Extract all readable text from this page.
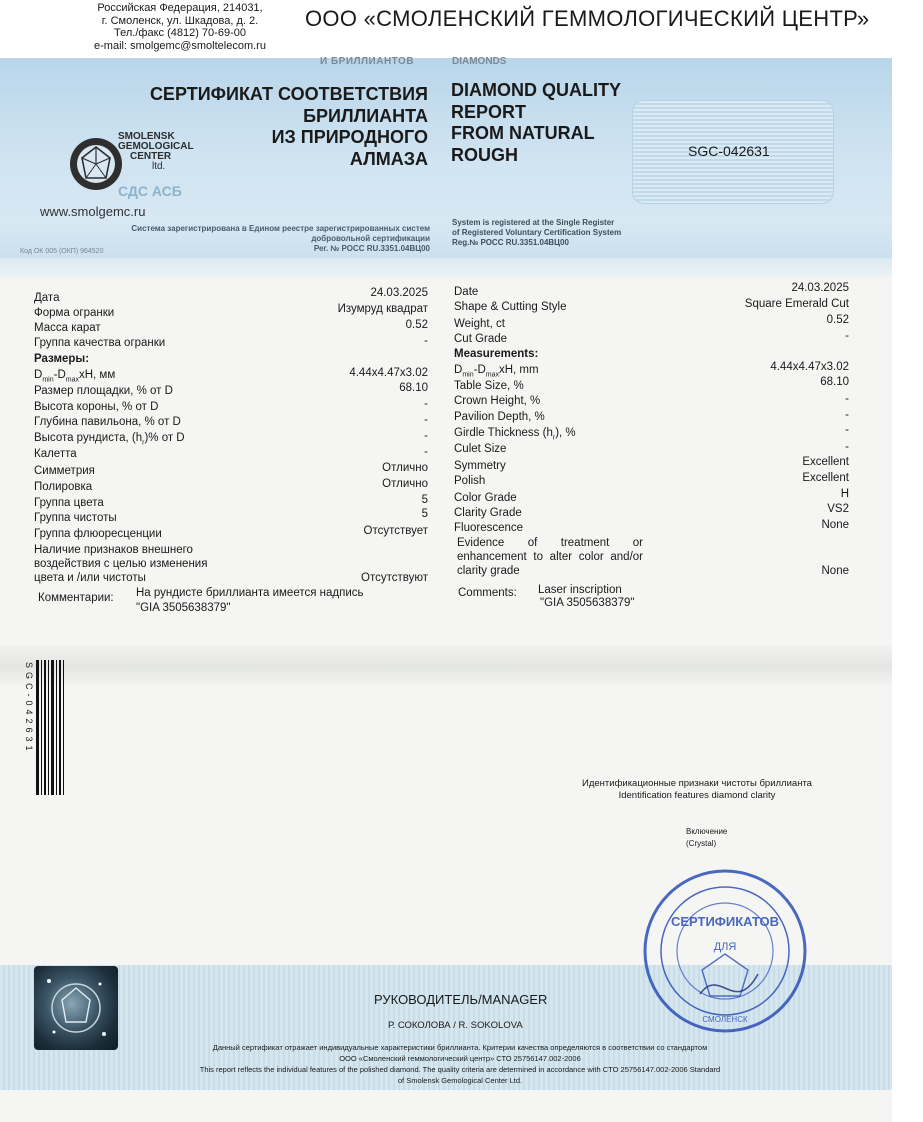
Российская Федерация, 214031,
г. Смоленск, ул. Шкадова, д. 2.
Тел./факс (4812) 70-69-00
e-mail: smolgemc@smoltelecom.ru
ООО «СМОЛЕНСКИЙ ГЕММОЛОГИЧЕСКИЙ ЦЕНТР»
И БРИЛЛИАНТОВ	DIAMONDS
СЕРТИФИКАТ СООТВЕТСТВИЯ
БРИЛЛИАНТА
ИЗ ПРИРОДНОГО
АЛМАЗА
DIAMOND QUALITY
REPORT
FROM NATURAL
ROUGH	SGC-042631
SMOLENSK
GEMOLOGICAL
CENTER
ltd.
СДС АСБ
www.smolgemc.ru
Система зарегистрирована в Едином реестре зарегистрированных систем
добровольной сертификации
Рег. № РОСС RU.3351.04ВЦ00
System is registered at the Single Register
of Registered Voluntary Certification System
Reg.№ РОСС RU.3351.04ВЦ00
Код ОК 005 (ОКП) 964520
Дата	24.03.2025
Форма огранки	Изумруд квадрат
Масса карат	0.52
Группа качества огранки	-
Размеры:
$D_{min}-D_{max}xH$, мм	4.44x4.47x3.02
Размер площадки, % от D	68.10
Высота короны, % от D	-
Глубина павильона, % от D	-
Высота рундиста, $(h_r)\%$ от D	-
Калетта	-
Симметрия	Отлично
Полировка	Отлично
Группа цвета	5
Группа чистоты	5
Группа флюоресценции	Отсутствует
Наличие признаков внешнего воздействия с целью изменения цвета и /или чистоты	Отсутствуют
Комментарии: На рундисте бриллианта имеется надпись
"GIA 3505638379"
Date	24.03.2025
Shape & Cutting Style	Square Emerald Cut
Weight, ct	0.52
Cut Grade	-
Measurements:
$D_{min}-D_{max}xH$, mm	4.44x4.47x3.02
Table Size, %	68.10
Crown Height, %	-
Pavilion Depth, %	-
Girdle Thickness $(h_r)$, %	-
Culet Size	-
Symmetry	Excellent
Polish	Excellent
Color Grade	H
Clarity Grade	VS2
Fluorescence	None
Evidence of treatment or enhancement to alter color and/or clarity grade	None
Comments: Laser inscription
"GIA 3505638379"
SGC-042631
Идентификационные признаки чистоты бриллианта
Identification features diamond clarity
Включение
(Crystal)
РУКОВОДИТЕЛЬ/MANAGER
Р. СОКОЛОВА / R. SOKOLOVA
Данный сертификат отражает индивидуальные характеристики бриллианта. Критерии качества определяются в соответствии со стандартом
ООО «Смоленский геммологический центр» СТО 25756147.002-2006
This report reflects the individual features of the polished diamond. The quality criteria are determined in accordance with CTO 25756147.002-2006 Standard
of Smolensk Gemological Center Ltd.
СЕРТИФИКАТОВ
ДЛЯ
СМОЛЕНСК
